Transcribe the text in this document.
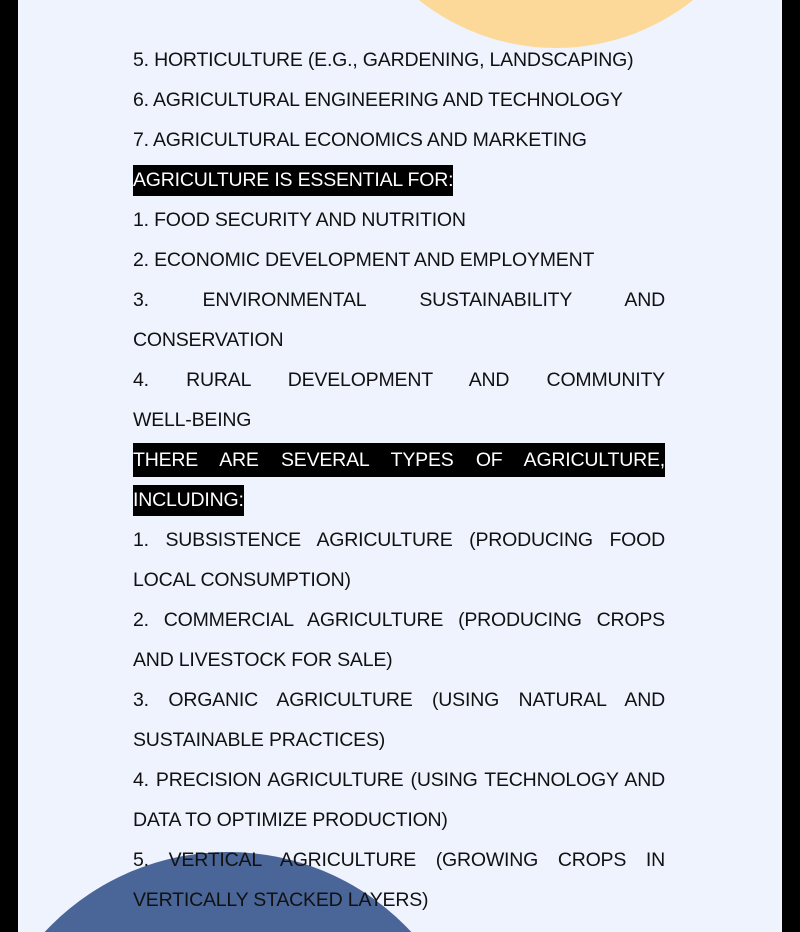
5. HORTICULTURE (E.G., GARDENING, LANDSCAPING)
6. AGRICULTURAL ENGINEERING AND TECHNOLOGY
7. AGRICULTURAL ECONOMICS AND MARKETING
AGRICULTURE IS ESSENTIAL FOR:
1. FOOD SECURITY AND NUTRITION
2. ECONOMIC DEVELOPMENT AND EMPLOYMENT
3. ENVIRONMENTAL SUSTAINABILITY AND
CONSERVATION
4. RURAL DEVELOPMENT AND COMMUNITY
WELL-BEING
THERE ARE SEVERAL TYPES OF AGRICULTURE,
INCLUDING:
1. SUBSISTENCE AGRICULTURE (PRODUCING FOOD
LOCAL CONSUMPTION)
2. COMMERCIAL AGRICULTURE (PRODUCING CROPS
AND LIVESTOCK FOR SALE)
3. ORGANIC AGRICULTURE (USING NATURAL AND
SUSTAINABLE PRACTICES)
4. PRECISION AGRICULTURE (USING TECHNOLOGY AND
DATA TO OPTIMIZE PRODUCTION)
5. VERTICAL AGRICULTURE (GROWING CROPS IN
VERTICALLY STACKED LAYERS)
